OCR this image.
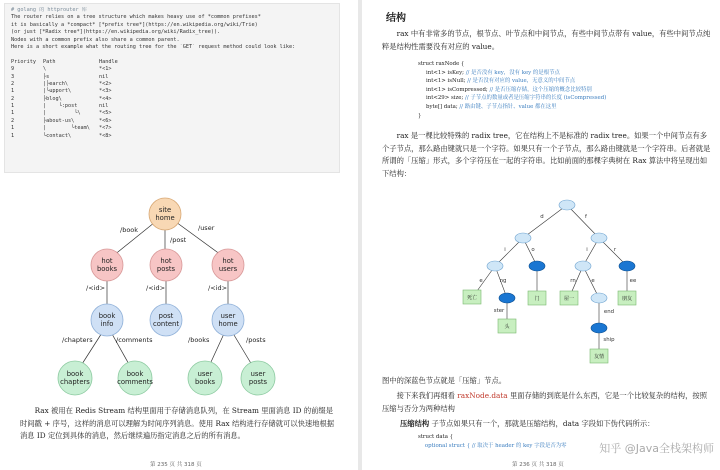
# golang 的 httprouter 库
The router relies on a tree structure which makes heavy use of *common prefixes*
it is basically a *compact* [*prefix tree*](https://en.wikipedia.org/wiki/Trie)
(or just [*Radix tree*](https://en.wikipedia.org/wiki/Radix_tree)).
Nodes with a common prefix also share a common parent.
Here is a short example what the routing tree for the `GET` request method could look like:
Priority	Path	Handle
9	\	*<1>
3	├s	nil
2	|├earch\	*<2>
1	|└upport\	*<3>
2	├blog\	*<4>
1	|    └:post	nil
1	|         └\	*<5>
2	├about-us\	*<6>
1	|        └team\	*<7>
1	└contact\	*<8>
/book
/post
/user
/<id>	/<id>	/<id>
/chapters	/comments	/books	/posts
site
home
hot
books
hot
posts
hot
users
book
info
post
content
user
home
book
chapters
book
comments
user
books
user
posts
Rax 被用在 Redis Stream 结构里面用于存储消息队列，在 Stream 里面消息 ID 的前缀是时间戳 + 序号，这样的消息可以理解为时间序列消息。使用 Rax 结构进行存储就可以快速地根据消息 ID 定位到具体的消息，然后继续遍历指定消息之后的所有消息。
第 235 页 共 318 页
结构
rax 中有非常多的节点，根节点、叶节点和中间节点，有些中间节点带有 value，有些中间节点纯粹是结构性需要没有对应的 value。
struct raxNode {
int<1> isKey; // 是否没有 key，没有 key 的是根节点
int<1> isNull; // 是否没有对应的 value，无意义的中间节点
int<1> isCompressed; // 是否压缩存储，这个压缩的概念比较特别
int<29> size; // 子节点的数量或者是压缩字符串的长度 (isCompressed)
byte[] data; // 路由键、子节点指针、value 都在这里
}
rax 是一棵比较特殊的 radix tree，它在结构上不是标准的 radix tree。如果一个中间节点有多个子节点，那么路由键就只是一个字符。如果只有一个子节点，那么路由键就是一个字符串。后者就是所谓的「压缩」形式，多个字符压在一起的字符串。比如前面的那棵字典树在 Rax 算法中将呈现出如下结构：
d	f
i	o	i	r
e	ng	rn	e	ee
ster	end
ship
死亡
头
门	屋一	朋友
友情
图中的深蓝色节点就是「压缩」节点。
接下来我们再细看 raxNode.data 里面存储的到底是什么东西，它是一个比较复杂的结构，按照压缩与否分为两种结构
压缩结构 子节点如果只有一个，那就是压缩结构，data 字段如下伪代码所示：
struct data {
optional struct { // 取决于 header 的 key 字段是否为零	知乎 @Java全栈架构师
第 236 页 共 318 页
